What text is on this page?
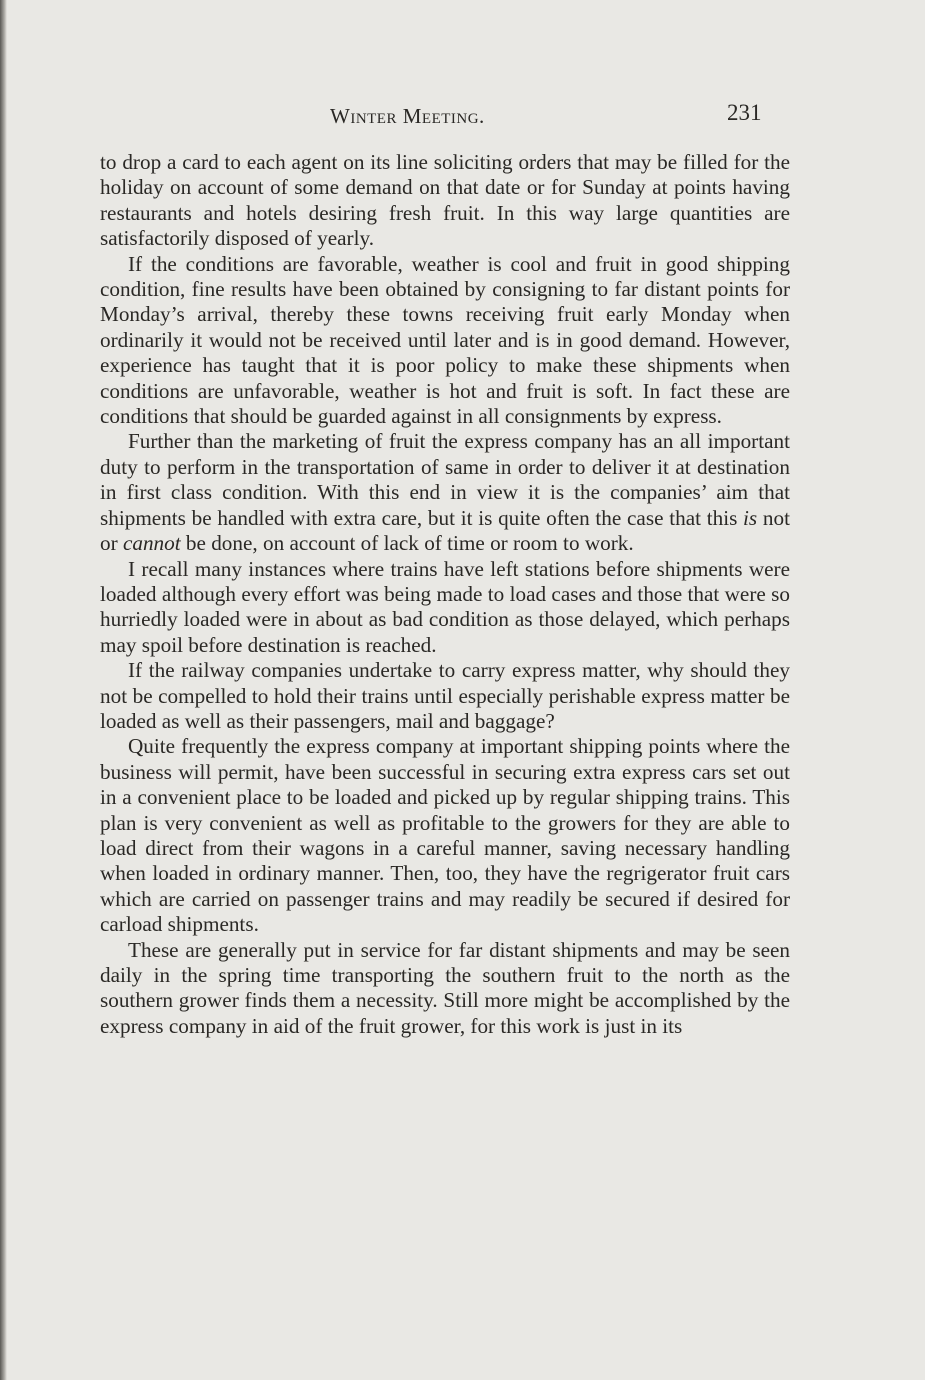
Winter Meeting.	231

to drop a card to each agent on its line soliciting orders that may be filled for the holiday on account of some demand on that date or for Sunday at points having restaurants and hotels desiring fresh fruit. In this way large quantities are satisfactorily disposed of yearly.

If the conditions are favorable, weather is cool and fruit in good shipping condition, fine results have been obtained by consigning to far distant points for Monday’s arrival, thereby these towns receiving fruit early Monday when ordinarily it would not be received until later and is in good demand. However, experience has taught that it is poor policy to make these shipments when conditions are unfavorable, weather is hot and fruit is soft. In fact these are conditions that should be guarded against in all consignments by express.

Further than the marketing of fruit the express company has an all important duty to perform in the transportation of same in order to deliver it at destination in first class condition. With this end in view it is the companies’ aim that shipments be handled with extra care, but it is quite often the case that this is not or cannot be done, on account of lack of time or room to work.

I recall many instances where trains have left stations before shipments were loaded although every effort was being made to load cases and those that were so hurriedly loaded were in about as bad condition as those delayed, which perhaps may spoil before destination is reached.

If the railway companies undertake to carry express matter, why should they not be compelled to hold their trains until especially perishable express matter be loaded as well as their passengers, mail and baggage?

Quite frequently the express company at important shipping points where the business will permit, have been successful in securing extra express cars set out in a convenient place to be loaded and picked up by regular shipping trains. This plan is very convenient as well as profitable to the growers for they are able to load direct from their wagons in a careful manner, saving necessary handling when loaded in ordinary manner. Then, too, they have the regrigerator fruit cars which are carried on passenger trains and may readily be secured if desired for carload shipments.

These are generally put in service for far distant shipments and may be seen daily in the spring time transporting the southern fruit to the north as the southern grower finds them a necessity. Still more might be accomplished by the express company in aid of the fruit grower, for this work is just in its
